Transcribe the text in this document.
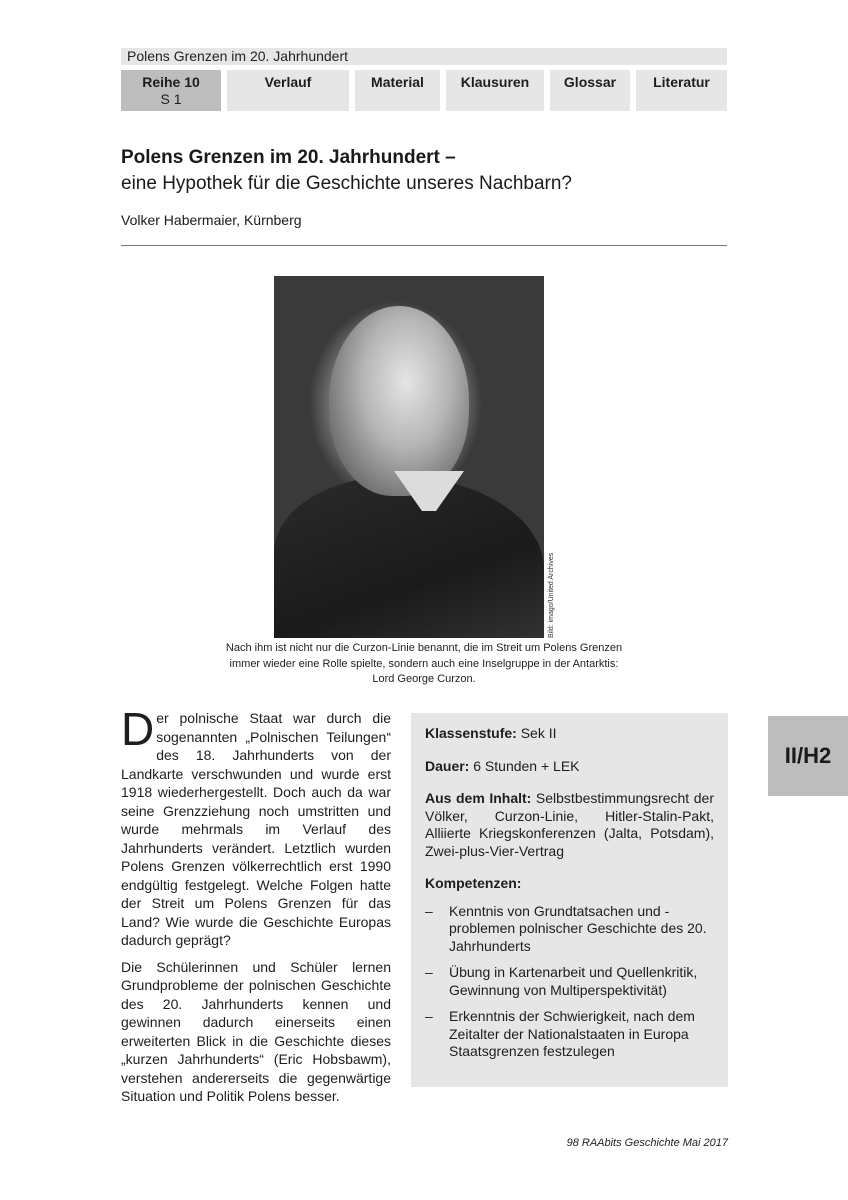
Polens Grenzen im 20. Jahrhundert
Reihe 10
S 1
Verlauf	Material	Klausuren	Glossar	Literatur
Polens Grenzen im 20. Jahrhundert –
eine Hypothek für die Geschichte unseres Nachbarn?
Volker Habermaier, Kürnberg
Bild: imago/United Archives
Nach ihm ist nicht nur die Curzon-Linie benannt, die im Streit um Polens Grenzen immer wieder eine Rolle spielte, sondern auch eine Inselgruppe in der Antarktis: Lord George Curzon.

Der polnische Staat war durch die sogenannten „Polnischen Teilungen“ des 18. Jahrhunderts von der Landkarte verschwunden und wurde erst 1918 wiederhergestellt. Doch auch da war seine Grenzziehung noch umstritten und wurde mehrmals im Verlauf des Jahrhunderts verändert. Letztlich wurden Polens Grenzen völkerrechtlich erst 1990 endgültig festgelegt. Welche Folgen hatte der Streit um Polens Grenzen für das Land? Wie wurde die Geschichte Europas dadurch geprägt?

Die Schülerinnen und Schüler lernen Grundprobleme der polnischen Geschichte des 20. Jahrhunderts kennen und gewinnen dadurch einerseits einen erweiterten Blick in die Geschichte dieses „kurzen Jahrhunderts“ (Eric Hobsbawm), verstehen andererseits die gegenwärtige Situation und Politik Polens besser.

Klassenstufe: Sek II

Dauer: 6 Stunden + LEK

Aus dem Inhalt: Selbstbestimmungsrecht der Völker, Curzon-Linie, Hitler-Stalin-Pakt, Alliierte Kriegskonferenzen (Jalta, Potsdam), Zwei-plus-Vier-Vertrag

Kompetenzen:

– Kenntnis von Grundtatsachen und -problemen polnischer Geschichte des 20. Jahrhunderts
– Übung in Kartenarbeit und Quellenkritik, Gewinnung von Multiperspektivität)
– Erkenntnis der Schwierigkeit, nach dem Zeitalter der Nationalstaaten in Europa Staatsgrenzen festzulegen
II/H2
98 RAAbits Geschichte Mai 2017
